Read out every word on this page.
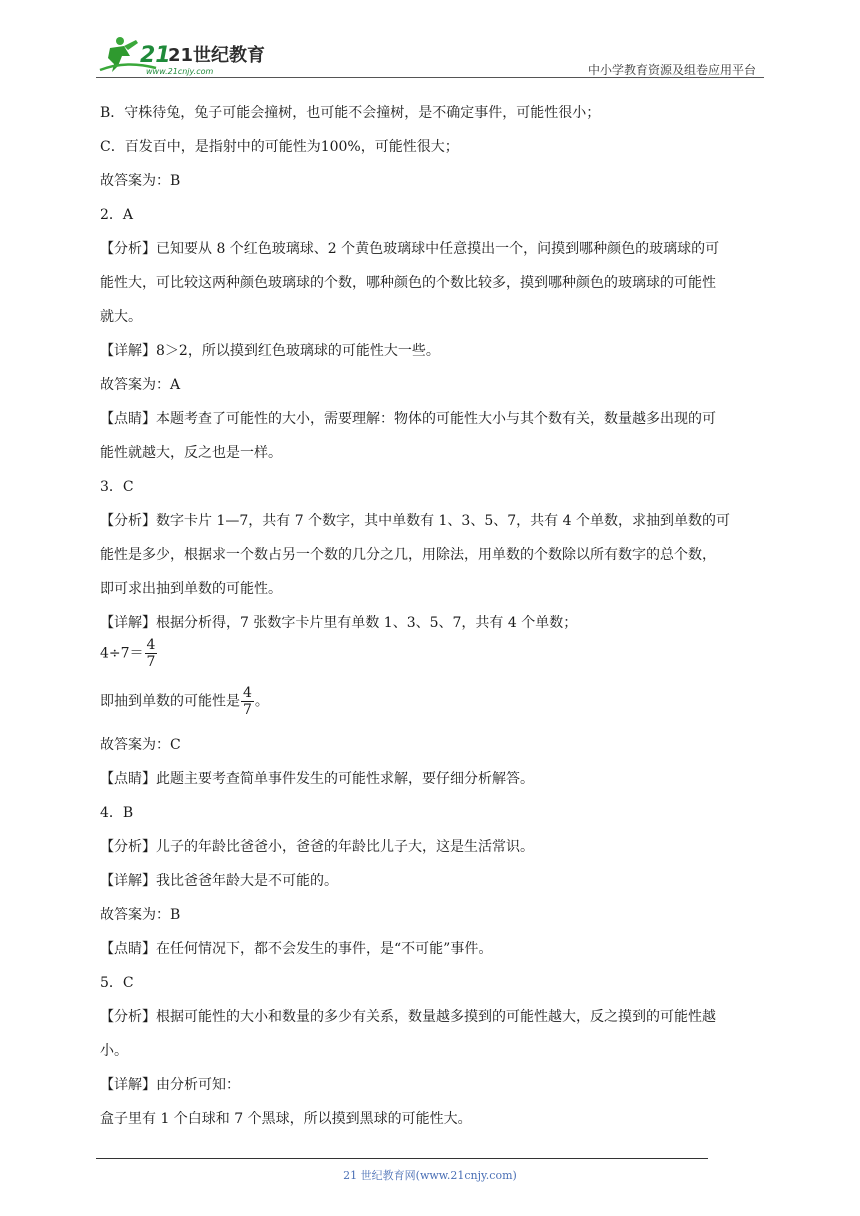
21
21世纪教育
www.21cnjy.com	中小学教育资源及组卷应用平台
B．守株待兔，兔子可能会撞树，也可能不会撞树，是不确定事件，可能性很小；
C．百发百中，是指射中的可能性为100%，可能性很大；
故答案为：B
2．A
【分析】已知要从 8 个红色玻璃球、2 个黄色玻璃球中任意摸出一个，问摸到哪种颜色的玻璃球的可
能性大，可比较这两种颜色玻璃球的个数，哪种颜色的个数比较多，摸到哪种颜色的玻璃球的可能性
就大。
【详解】8＞2，所以摸到红色玻璃球的可能性大一些。
故答案为：A
【点睛】本题考查了可能性的大小，需要理解：物体的可能性大小与其个数有关，数量越多出现的可
能性就越大，反之也是一样。
3．C
【分析】数字卡片 1—7，共有 7 个数字，其中单数有 1、3、5、7，共有 4 个单数，求抽到单数的可
能性是多少，根据求一个数占另一个数的几分之几，用除法，用单数的个数除以所有数字的总个数，
即可求出抽到单数的可能性。
【详解】根据分析得，7 张数字卡片里有单数 1、3、5、7，共有 4 个单数；
$4\div 7= \frac{4}{7}$
即抽到单数的可能性是 $\frac{4}{7}$ 。
故答案为：C
【点睛】此题主要考查简单事件发生的可能性求解，要仔细分析解答。
4．B
【分析】儿子的年龄比爸爸小，爸爸的年龄比儿子大，这是生活常识。
【详解】我比爸爸年龄大是不可能的。
故答案为：B
【点睛】在任何情况下，都不会发生的事件，是“不可能”事件。
5．C
【分析】根据可能性的大小和数量的多少有关系，数量越多摸到的可能性越大，反之摸到的可能性越
小。
【详解】由分析可知：
盒子里有 1 个白球和 7 个黑球，所以摸到黑球的可能性大。
21 世纪教育网(www.21cnjy.com)
